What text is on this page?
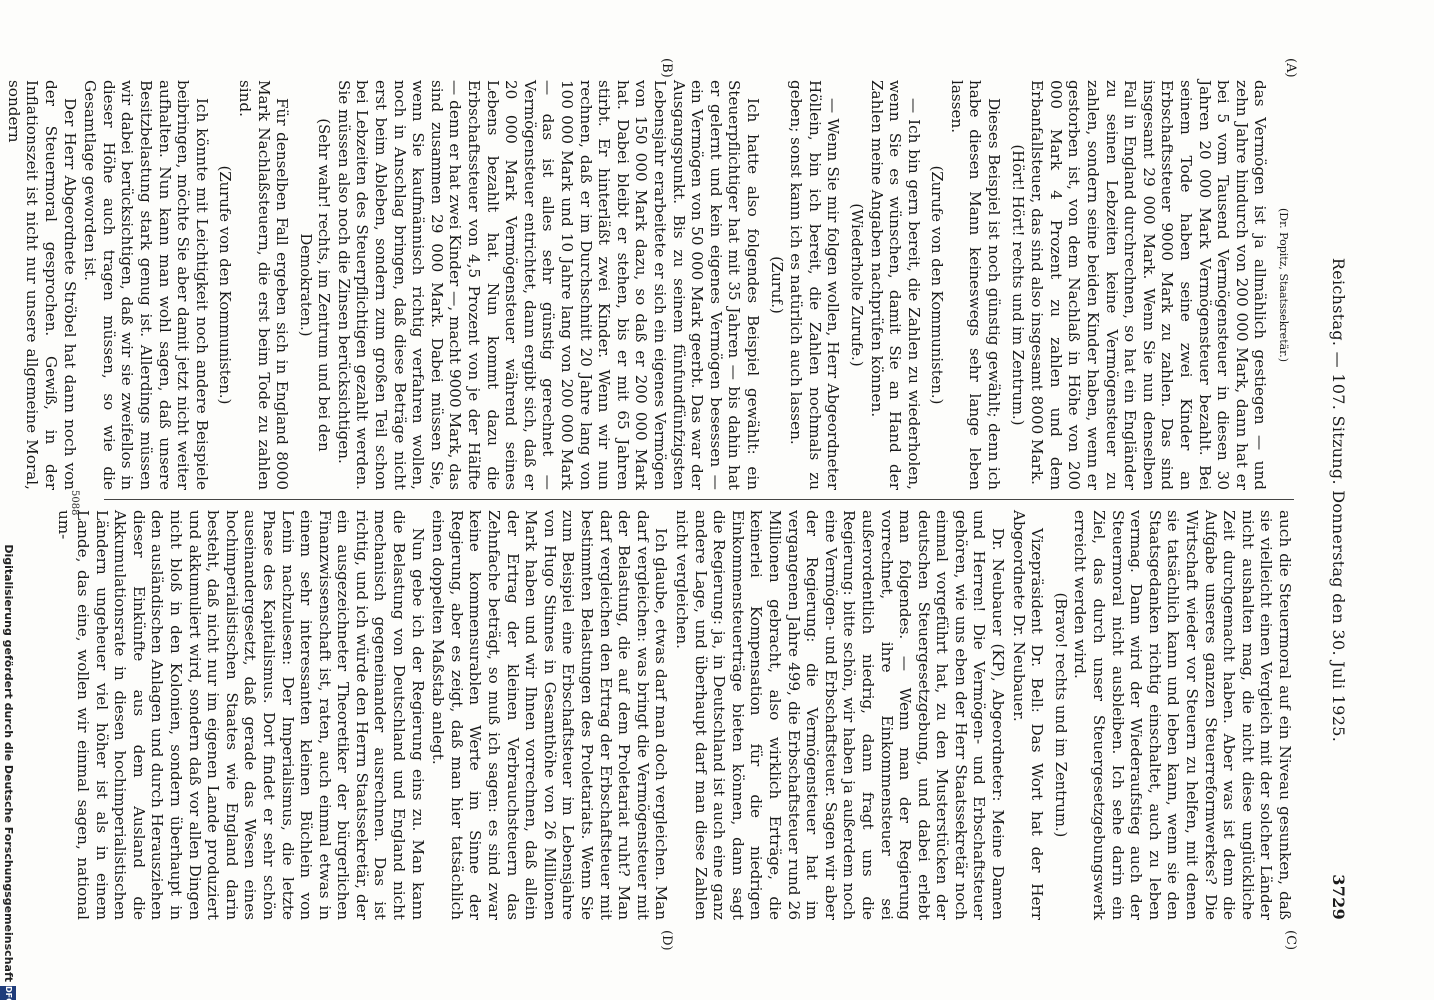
Reichstag. — 107. Sitzung. Donnerstag den 30. Juli 1925.
3729
(A)
(B)
(C)
(D)

(Dr. Popitz, Staatssekretär.)

das Vermögen ist ja allmählich gestiegen — und zehn Jahre hindurch von 200 000 Mark, dann hat er bei 5 vom Tausend Vermögensteuer in diesen 30 Jahren 20 000 Mark Vermögensteuer bezahlt. Bei seinem Tode haben seine zwei Kinder an Erbschaftssteuer 9000 Mark zu zahlen. Das sind insgesamt 29 000 Mark. Wenn Sie nun denselben Fall in England durchrechnen, so hat ein Engländer zu seinen Lebzeiten keine Vermögensteuer zu zahlen, sondern seine beiden Kinder haben, wenn er gestorben ist, von dem Nachlaß in Höhe von 200 000 Mark 4 Prozent zu zahlen und dem Erbanfallsteuer, das sind also insgesamt 8000 Mark.

(Hört! Hört! rechts und im Zentrum.)

Dieses Beispiel ist noch günstig gewählt; denn ich habe diesen Mann keineswegs sehr lange leben lassen.

(Zurufe von den Kommunisten.)

— Ich bin gern bereit, die Zahlen zu wiederholen, wenn Sie es wünschen, damit Sie an Hand der Zahlen meine Angaben nachprüfen können.

(Wiederholte Zurufe.)

— Wenn Sie mir folgen wollen, Herr Abgeordneter Höllein, bin ich bereit, die Zahlen nochmals zu geben; sonst kann ich es natürlich auch lassen.

(Zuruf.)

Ich hatte also folgendes Beispiel gewählt: ein Steuerpflichtiger hat mit 35 Jahren — bis dahin hat er gelernt und kein eigenes Vermögen besessen — ein Vermögen von 50 000 Mark geerbt. Das war der Ausgangspunkt. Bis zu seinem fünfundfünfzigsten Lebensjahr erarbeitete er sich ein eigenes Vermögen von 150 000 Mark dazu, so daß er 200 000 Mark hat. Dabei bleibt er stehen, bis er mit 65 Jahren stirbt. Er hinterläßt zwei Kinder. Wenn wir nun rechnen, daß er im Durchschnitt 20 Jahre lang von 100 000 Mark und 10 Jahre lang von 200 000 Mark — das ist alles sehr günstig gerechnet — Vermögensteuer entrichtet, dann ergibt sich, daß er 20 000 Mark Vermögensteuer während seines Lebens bezahlt hat. Nun kommt dazu die Erbschaftssteuer von 4,5 Prozent von je der Hälfte — denn er hat zwei Kinder —, macht 9000 Mark, das sind zusammen 29 000 Mark. Dabei müssen Sie, wenn Sie kaufmännisch richtig verfahren wollen, noch in Anschlag bringen, daß diese Beträge nicht erst beim Ableben, sondern zum großen Teil schon bei Lebzeiten des Steuerpflichtigen gezahlt werden. Sie müssen also noch die Zinsen berücksichtigen.

(Sehr wahr! rechts, im Zentrum und bei den Demokraten.)

Für denselben Fall ergeben sich in England 8000 Mark Nachlaßsteuern, die erst beim Tode zu zahlen sind.

(Zurufe von den Kommunisten.)

Ich könnte mit Leichtigkeit noch andere Beispiele beibringen, möchte Sie aber damit jetzt nicht weiter aufhalten. Nun kann man wohl sagen, daß unsere Besitzbelastung stark genug ist. Allerdings müssen wir dabei berücksichtigen, daß wir sie zweifellos in dieser Höhe auch tragen müssen, so wie die Gesamtlage geworden ist.

Der Herr Abgeordnete Ströbel hat dann noch von der Steuermoral gesprochen. Gewiß, in der Inflationszeit ist nicht nur unsere allgemeine Moral, sondern

auch die Steuermoral auf ein Niveau gesunken, daß sie vielleicht einen Vergleich mit der solcher Länder nicht aushalten mag, die nicht diese unglückliche Zeit durchgemacht haben. Aber was ist denn die Aufgabe unseres ganzen Steuerreformwerkes? Die Wirtschaft wieder vor Steuern zu helfen, mit denen sie tatsächlich kann und leben kann, wenn sie den Staatsgedanken richtig einschaltet, auch zu leben vermag. Dann wird der Wiederaufstieg auch der Steuermoral nicht ausbleiben. Ich sehe darin ein Ziel, das durch unser Steuergesetzgebungswerk erreicht werden wird.

(Bravo! rechts und im Zentrum.)

Vizepräsident Dr. Bell: Das Wort hat der Herr Abgeordnete Dr. Neubauer.

Dr. Neubauer (KP), Abgeordneter: Meine Damen und Herren! Die Vermögen- und Erbschaftsteuer gehören, wie uns eben der Herr Staatssekretär noch einmal vorgeführt hat, zu den Musterstücken der deutschen Steuergesetzgebung, und dabei erlebt man folgendes. — Wenn man der Regierung vorrechnet, ihre Einkommensteuer sei außerordentlich niedrig, dann fragt uns die Regierung: bitte schön, wir haben ja außerdem noch eine Vermögen- und Erbschaftsteuer. Sagen wir aber der Regierung: die Vermögensteuer hat im vergangenen Jahre 499, die Erbschaftsteuer rund 26 Millionen gebracht, also wirklich Erträge, die keinerlei Kompensation für die niedrigen Einkommensteuerträge bieten können, dann sagt die Regierung: ja, in Deutschland ist auch eine ganz andere Lage, und überhaupt darf man diese Zahlen nicht vergleichen.

Ich glaube, etwas darf man doch vergleichen. Man darf vergleichen: was bringt die Vermögensteuer mit der Belastung, die auf dem Proletariat ruht? Man darf vergleichen den Ertrag der Erbschaftsteuer mit bestimmten Belastungen des Proletariats. Wenn Sie zum Beispiel eine Erbschaftsteuer im Lebensjahre von Hugo Stinnes in Gesamthöhe von 26 Millionen Mark haben und wir Ihnen vorrechnen, daß allein der Ertrag der kleinen Verbrauchsteuern das Zehnfache beträgt, so muß ich sagen: es sind zwar keine kommensurablen Werte im Sinne der Regierung, aber es zeigt, daß man hier tatsächlich einen doppelten Maßstab anlegt.

Nun gebe ich der Regierung eins zu. Man kann die Belastung von Deutschland und England nicht mechanisch gegeneinander ausrechnen. Das ist richtig, und ich würde den Herrn Staatssekretär, der ein ausgezeichneter Theoretiker der bürgerlichen Finanzwissenschaft ist, raten, auch einmal etwas in einem sehr interessanten kleinen Büchlein von Lenin nachzulesen: Der Imperialismus, die letzte Phase des Kapitalismus. Dort findet er sehr schön auseinandergesetzt, daß gerade das Wesen eines hochimperialistischen Staates wie England darin besteht, daß nicht nur im eigenen Lande produziert und akkumuliert wird, sondern daß vor allen Dingen nicht bloß in den Kolonien, sondern überhaupt in den ausländischen Anlagen und durch Herausziehen dieser Einkünfte aus dem Ausland die Akkumulationsrate in diesen hochimperialistischen Ländern ungeheuer viel höher ist als in einem Lande, das eine, wollen wir einmal sagen, national um-

5088
Digitalisierung gefördert durch die Deutsche Forschungsgemeinschaft
DFG
